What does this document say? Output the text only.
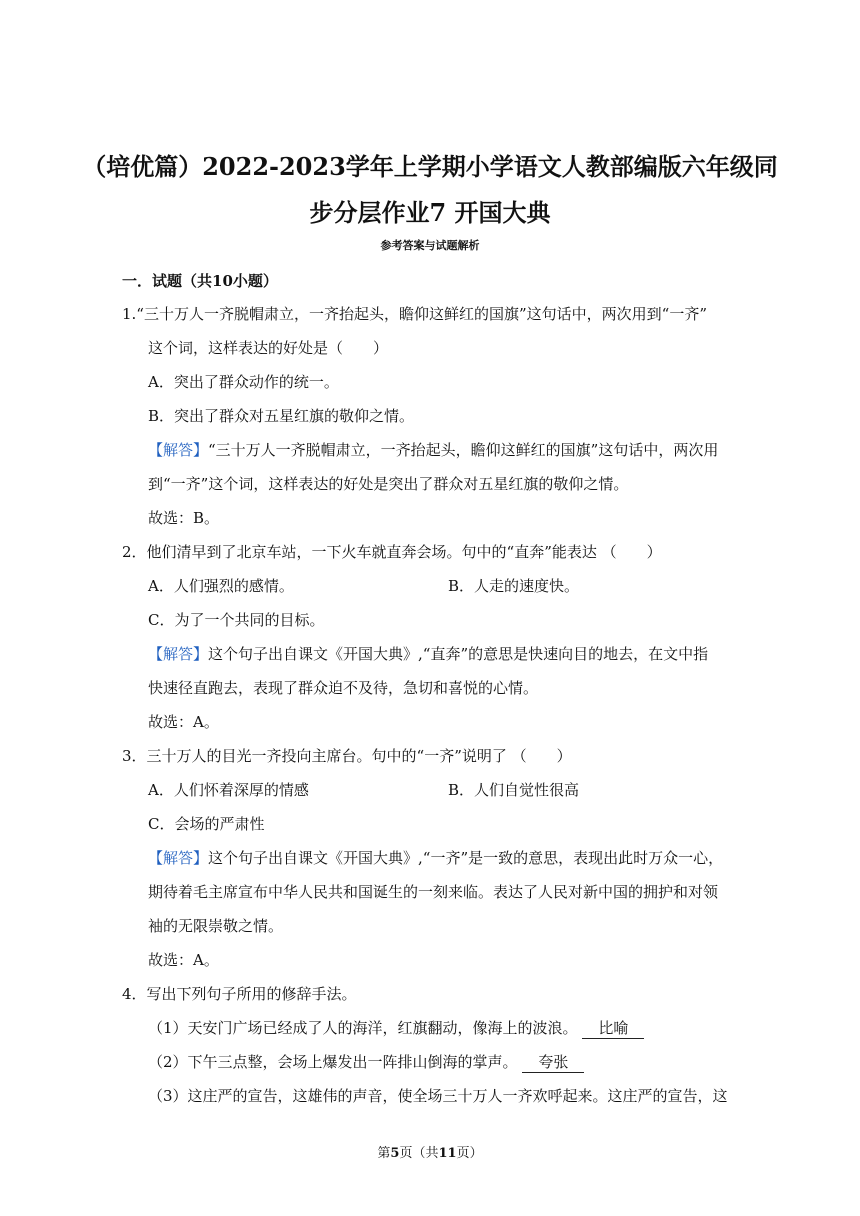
（培优篇）2022-2023学年上学期小学语文人教部编版六年级同
步分层作业7 开国大典
参考答案与试题解析
一．试题（共10小题）
1.“三十万人一齐脱帽肃立，一齐抬起头，瞻仰这鲜红的国旗”这句话中，两次用到“一齐”
这个词，这样表达的好处是（　　）
A．突出了群众动作的统一。
B．突出了群众对五星红旗的敬仰之情。
【解答】“三十万人一齐脱帽肃立，一齐抬起头，瞻仰这鲜红的国旗”这句话中，两次用
到“一齐”这个词，这样表达的好处是突出了群众对五星红旗的敬仰之情。
故选：B。
2．他们清早到了北京车站，一下火车就直奔会场。句中的“直奔”能表达 （　　）
A．人们强烈的感情。	B．人走的速度快。
C．为了一个共同的目标。
【解答】这个句子出自课文《开国大典》,“直奔”的意思是快速向目的地去，在文中指
快速径直跑去，表现了群众迫不及待，急切和喜悦的心情。
故选：A。
3．三十万人的目光一齐投向主席台。句中的“一齐”说明了 （　　）
A．人们怀着深厚的情感	B．人们自觉性很高
C．会场的严肃性
【解答】这个句子出自课文《开国大典》,“一齐”是一致的意思，表现出此时万众一心，
期待着毛主席宣布中华人民共和国诞生的一刻来临。表达了人民对新中国的拥护和对领
袖的无限崇敬之情。
故选：A。
4．写出下列句子所用的修辞手法。
（1）天安门广场已经成了人的海洋，红旗翻动，像海上的波浪。 比喻
（2）下午三点整，会场上爆发出一阵排山倒海的掌声。 夸张
（3）这庄严的宣告，这雄伟的声音，使全场三十万人一齐欢呼起来。这庄严的宣告，这
第5页（共11页）
